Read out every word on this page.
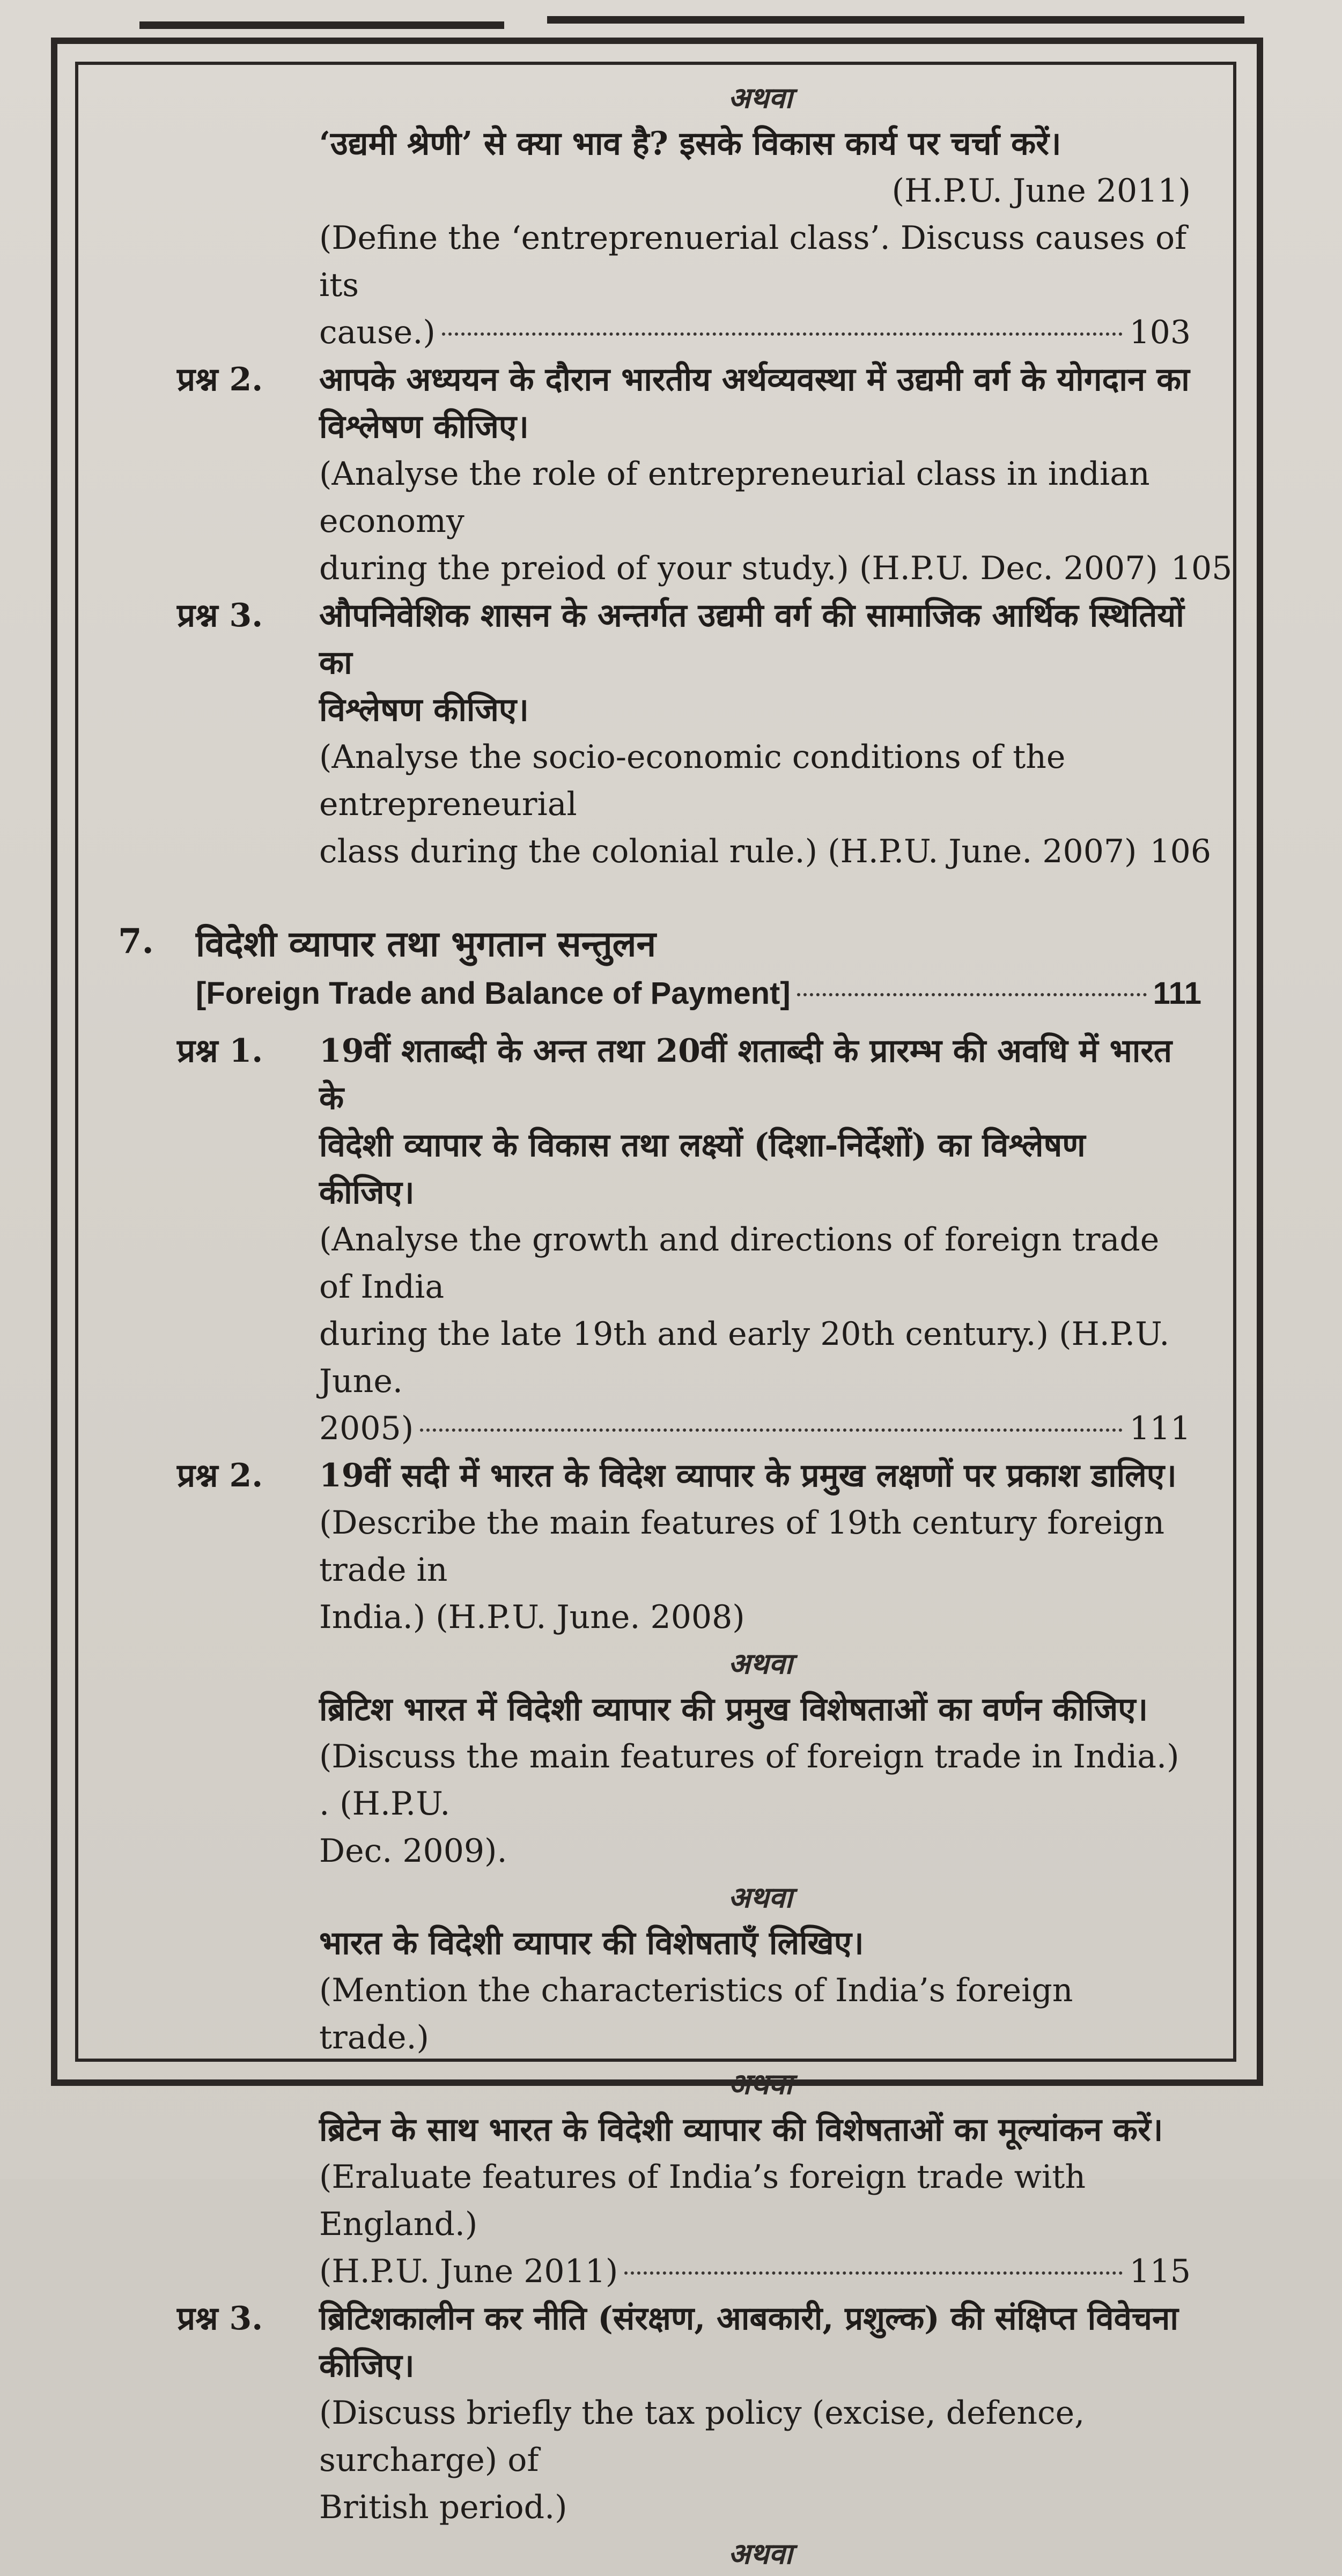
अथवा
‘उद्यमी श्रेणी’ से क्या भाव है? इसके विकास कार्य पर चर्चा करें।
(H.P.U. June 2011)
(Define the ‘entreprenuerial class’. Discuss causes of its
cause.)	103
प्रश्न 2.	आपके अध्ययन के दौरान भारतीय अर्थव्यवस्था में उद्यमी वर्ग के योगदान का
विश्लेषण कीजिए।
(Analyse the role of entrepreneurial class in indian economy
during the preiod of your study.) (H.P.U. Dec. 2007) 105
प्रश्न 3.	औपनिवेशिक शासन के अन्तर्गत उद्यमी वर्ग की सामाजिक आर्थिक स्थितियों का
विश्लेषण कीजिए।
(Analyse the socio-economic conditions of the entrepreneurial
class during the colonial rule.) (H.P.U. June. 2007) 106
7. विदेशी व्यापार तथा भुगतान सन्तुलन
[Foreign Trade and Balance of Payment]	111
प्रश्न 1.	19वीं शताब्दी के अन्त तथा 20वीं शताब्दी के प्रारम्भ की अवधि में भारत के
विदेशी व्यापार के विकास तथा लक्ष्यों (दिशा-निर्देशों) का विश्लेषण कीजिए।
(Analyse the growth and directions of foreign trade of India
during the late 19th and early 20th century.) (H.P.U. June.
2005)	111
प्रश्न 2.	19वीं सदी में भारत के विदेश व्यापार के प्रमुख लक्षणों पर प्रकाश डालिए।
(Describe the main features of 19th century foreign trade in
India.) (H.P.U. June. 2008)
अथवा
ब्रिटिश भारत में विदेशी व्यापार की प्रमुख विशेषताओं का वर्णन कीजिए।
(Discuss the main features of foreign trade in India.) . (H.P.U.
Dec. 2009).
अथवा
भारत के विदेशी व्यापार की विशेषताएँ लिखिए।
(Mention the characteristics of India’s foreign trade.)
अथवा
ब्रिटेन के साथ भारत के विदेशी व्यापार की विशेषताओं का मूल्यांकन करें।
(Eraluate features of India’s foreign trade with England.)
(H.P.U. June 2011)	115
प्रश्न 3.	ब्रिटिशकालीन कर नीति (संरक्षण, आबकारी, प्रशुल्क) की संक्षिप्त विवेचना
कीजिए।
(Discuss briefly the tax policy (excise, defence, surcharge) of
British period.)
अथवा
